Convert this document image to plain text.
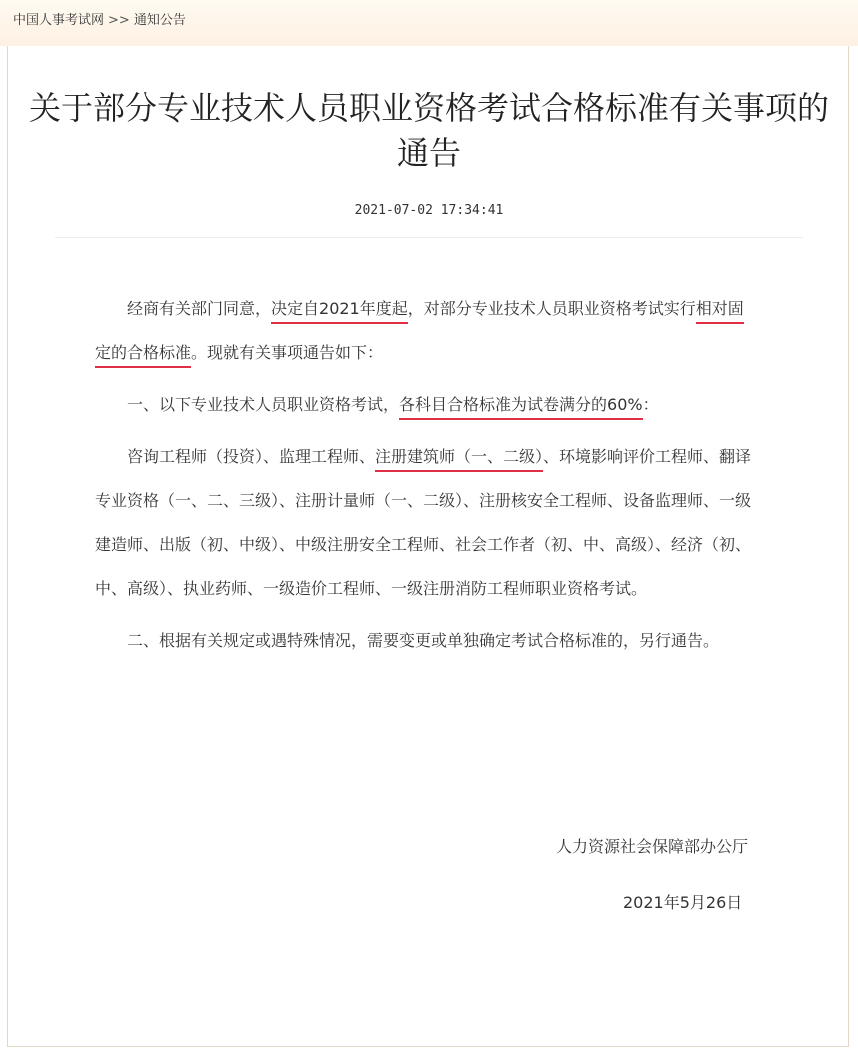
中国人事考试网 >> 通知公告
关于部分专业技术人员职业资格考试合格标准有关事项的通告
2021-07-02 17:34:41

经商有关部门同意，决定自2021年度起，对部分专业技术人员职业资格考试实行相对固定的合格标准。现就有关事项通告如下：

一、以下专业技术人员职业资格考试，各科目合格标准为试卷满分的60%：

咨询工程师（投资）、监理工程师、注册建筑师（一、二级）、环境影响评价工程师、翻译专业资格（一、二、三级）、注册计量师（一、二级）、注册核安全工程师、设备监理师、一级建造师、出版（初、中级）、中级注册安全工程师、社会工作者（初、中、高级）、经济（初、中、高级）、执业药师、一级造价工程师、一级注册消防工程师职业资格考试。

二、根据有关规定或遇特殊情况，需要变更或单独确定考试合格标准的，另行通告。

人力资源社会保障部办公厅
2021年5月26日
